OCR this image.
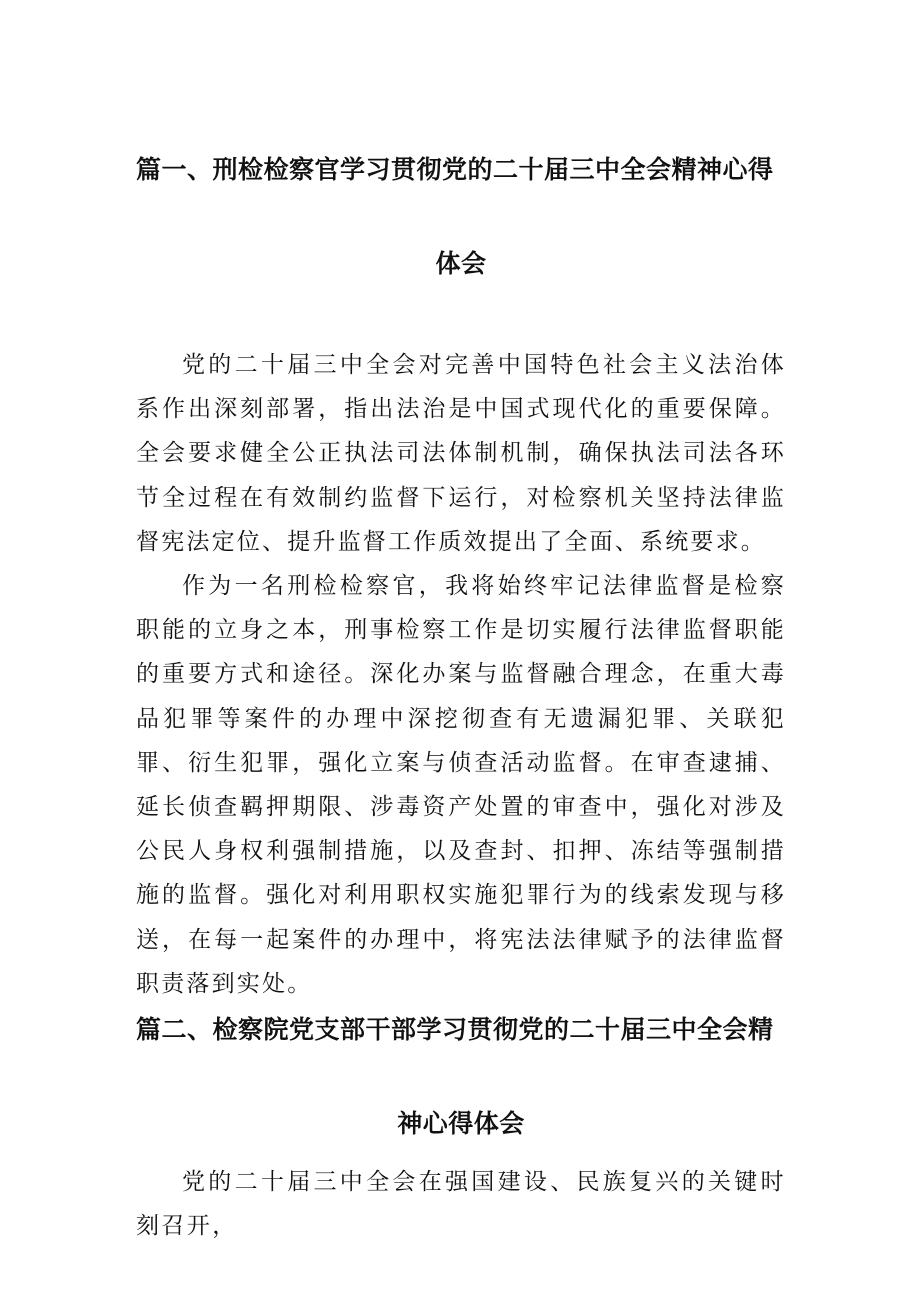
篇一、刑检检察官学习贯彻党的二十届三中全会精神心得
体会

党的二十届三中全会对完善中国特色社会主义法治体系作出深刻部署，指出法治是中国式现代化的重要保障。全会要求健全公正执法司法体制机制，确保执法司法各环节全过程在有效制约监督下运行，对检察机关坚持法律监督宪法定位、提升监督工作质效提出了全面、系统要求。

作为一名刑检检察官，我将始终牢记法律监督是检察职能的立身之本，刑事检察工作是切实履行法律监督职能的重要方式和途径。深化办案与监督融合理念，在重大毒品犯罪等案件的办理中深挖彻查有无遗漏犯罪、关联犯罪、衍生犯罪，强化立案与侦查活动监督。在审查逮捕、延长侦查羁押期限、涉毒资产处置的审查中，强化对涉及公民人身权利强制措施，以及查封、扣押、冻结等强制措施的监督。强化对利用职权实施犯罪行为的线索发现与移送，在每一起案件的办理中，将宪法法律赋予的法律监督职责落到实处。

篇二、检察院党支部干部学习贯彻党的二十届三中全会精
神心得体会

党的二十届三中全会在强国建设、民族复兴的关键时刻召开，
